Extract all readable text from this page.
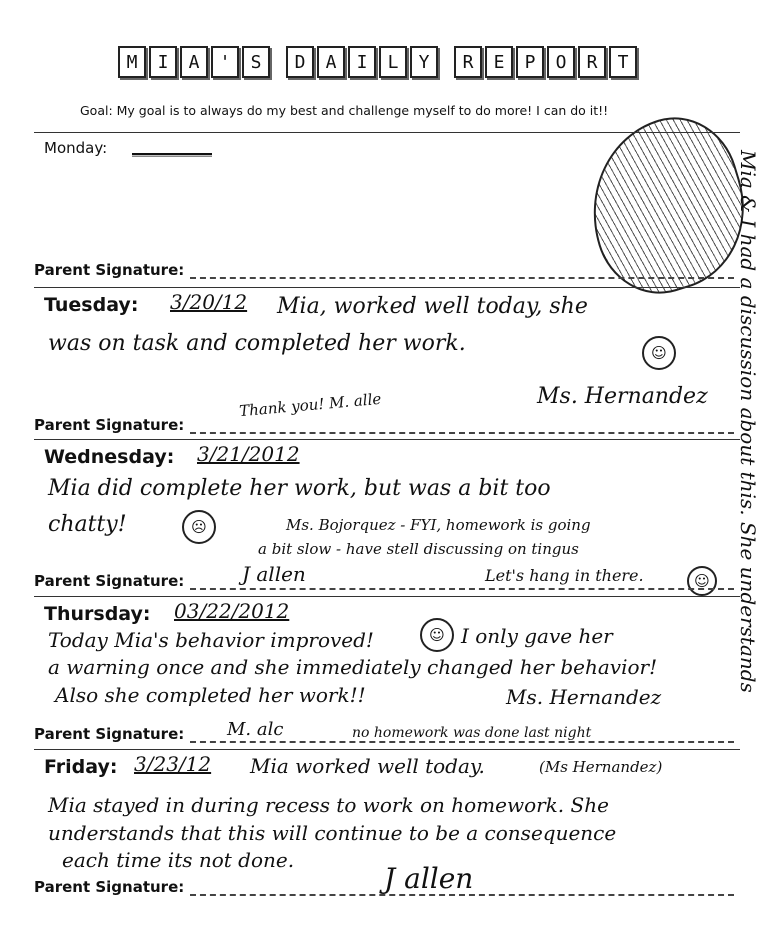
M	I	A	'	S	D	A	I	L	Y	R	E	P	O	R	T
Goal: My goal is to always do my best and challenge myself to do more! I can do it!!
Monday: ________
Parent Signature:
Tuesday: 3/20/12 Mia, worked well today, she
was on task and completed her work.	☺
Ms. Hernandez
Thank you! M. alle
Parent Signature:
Wednesday: 3/21/2012
Mia did complete her work, but was a bit too
chatty!	☹	Ms. Bojorquez - FYI, homework is going
a bit slow - have stell discussing on tingus
J allen	Let's hang in there.	☺
Parent Signature:
Thursday: 03/22/2012
Today Mia's behavior improved!	☺ I only gave her
a warning once and she immediately changed her behavior!
Also she completed her work!!	Ms. Hernandez
M. alc	no homework was done last night
Parent Signature:
Friday: 3/23/12 Mia worked well today.	(Ms Hernandez)
Mia stayed in during recess to work on homework. She
understands that this will continue to be a consequence
each time its not done.
J allen
Parent Signature:
Mia & I had a discussion about this. She understands
